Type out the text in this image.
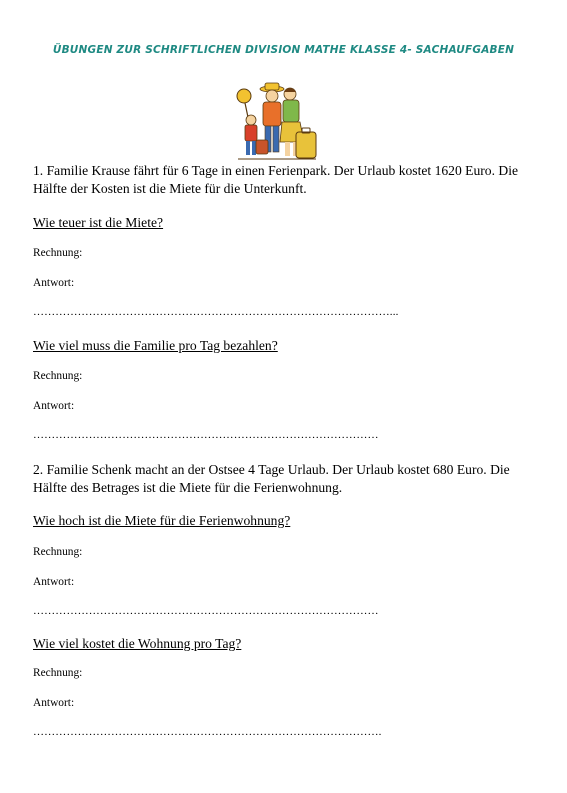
ÜBUNGEN ZUR SCHRIFTLICHEN DIVISION MATHE KLASSE 4- SACHAUFGABEN
1. Familie Krause fährt für 6 Tage in einen Ferienpark. Der Urlaub kostet 1620 Euro. Die Hälfte der Kosten ist die Miete für die Unterkunft.
Wie teuer ist die Miete?
Rechnung:
Antwort:
……………………………………………………………………………………...
Wie viel muss die Familie pro Tag bezahlen?
Rechnung:
Antwort:
…………………………………………………………………………………
2. Familie Schenk macht an der Ostsee 4 Tage Urlaub. Der Urlaub kostet 680 Euro. Die Hälfte des Betrages ist die Miete für die Ferienwohnung.
Wie hoch ist die Miete für die Ferienwohnung?
Rechnung:
Antwort:
…………………………………………………………………………………
Wie viel kostet die Wohnung pro Tag?
Rechnung:
Antwort:
………………………………………………………………………………….
